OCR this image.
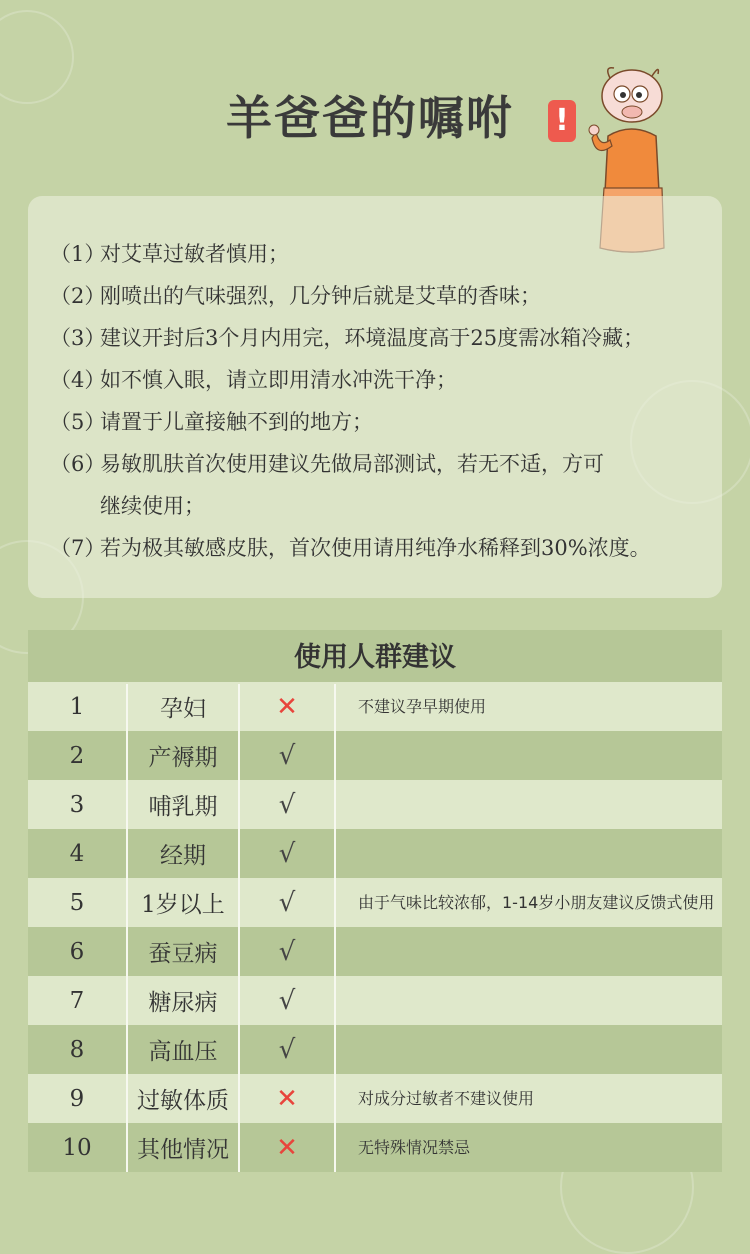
羊爸爸的嘱咐	!
（1）对艾草过敏者慎用；
（2）刚喷出的气味强烈，几分钟后就是艾草的香味；
（3）建议开封后3个月内用完，环境温度高于25度需冰箱冷藏；
（4）如不慎入眼，请立即用清水冲洗干净；
（5）请置于儿童接触不到的地方；
（6）易敏肌肤首次使用建议先做局部测试，若无不适，方可
继续使用；
（7）若为极其敏感皮肤，首次使用请用纯净水稀释到30%浓度。
使用人群建议
1	孕妇	✕	不建议孕早期使用
2	产褥期	√
3	哺乳期	√
4	经期	√
5	1岁以上	√	由于气味比较浓郁，1-14岁小朋友建议反馈式使用
6	蚕豆病	√
7	糖尿病	√
8	高血压	√
9	过敏体质	✕	对成分过敏者不建议使用
10	其他情况	✕	无特殊情况禁忌
